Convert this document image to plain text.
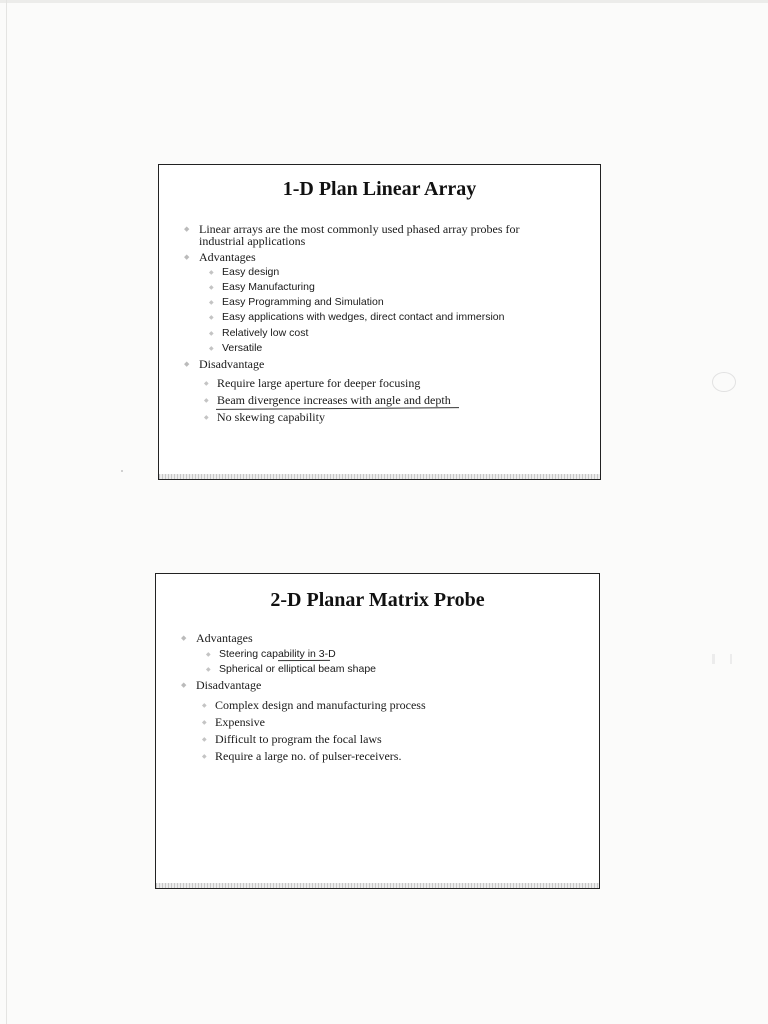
1-D Plan Linear Array
◆ Linear arrays are the most commonly used phased array probes for
industrial applications
◆ Advantages
◆ Easy design
◆ Easy Manufacturing
◆ Easy Programming and Simulation
◆ Easy applications with wedges, direct contact and immersion
◆ Relatively low cost
◆ Versatile
◆ Disadvantage
◆ Require large aperture for deeper focusing
◆ Beam divergence increases with angle and depth
◆ No skewing capability
2-D Planar Matrix Probe
◆ Advantages
◆ Steering capability in 3-D
◆ Spherical or elliptical beam shape
◆ Disadvantage
◆ Complex design and manufacturing process
◆ Expensive
◆ Difficult to program the focal laws
◆ Require a large no. of pulser-receivers.
